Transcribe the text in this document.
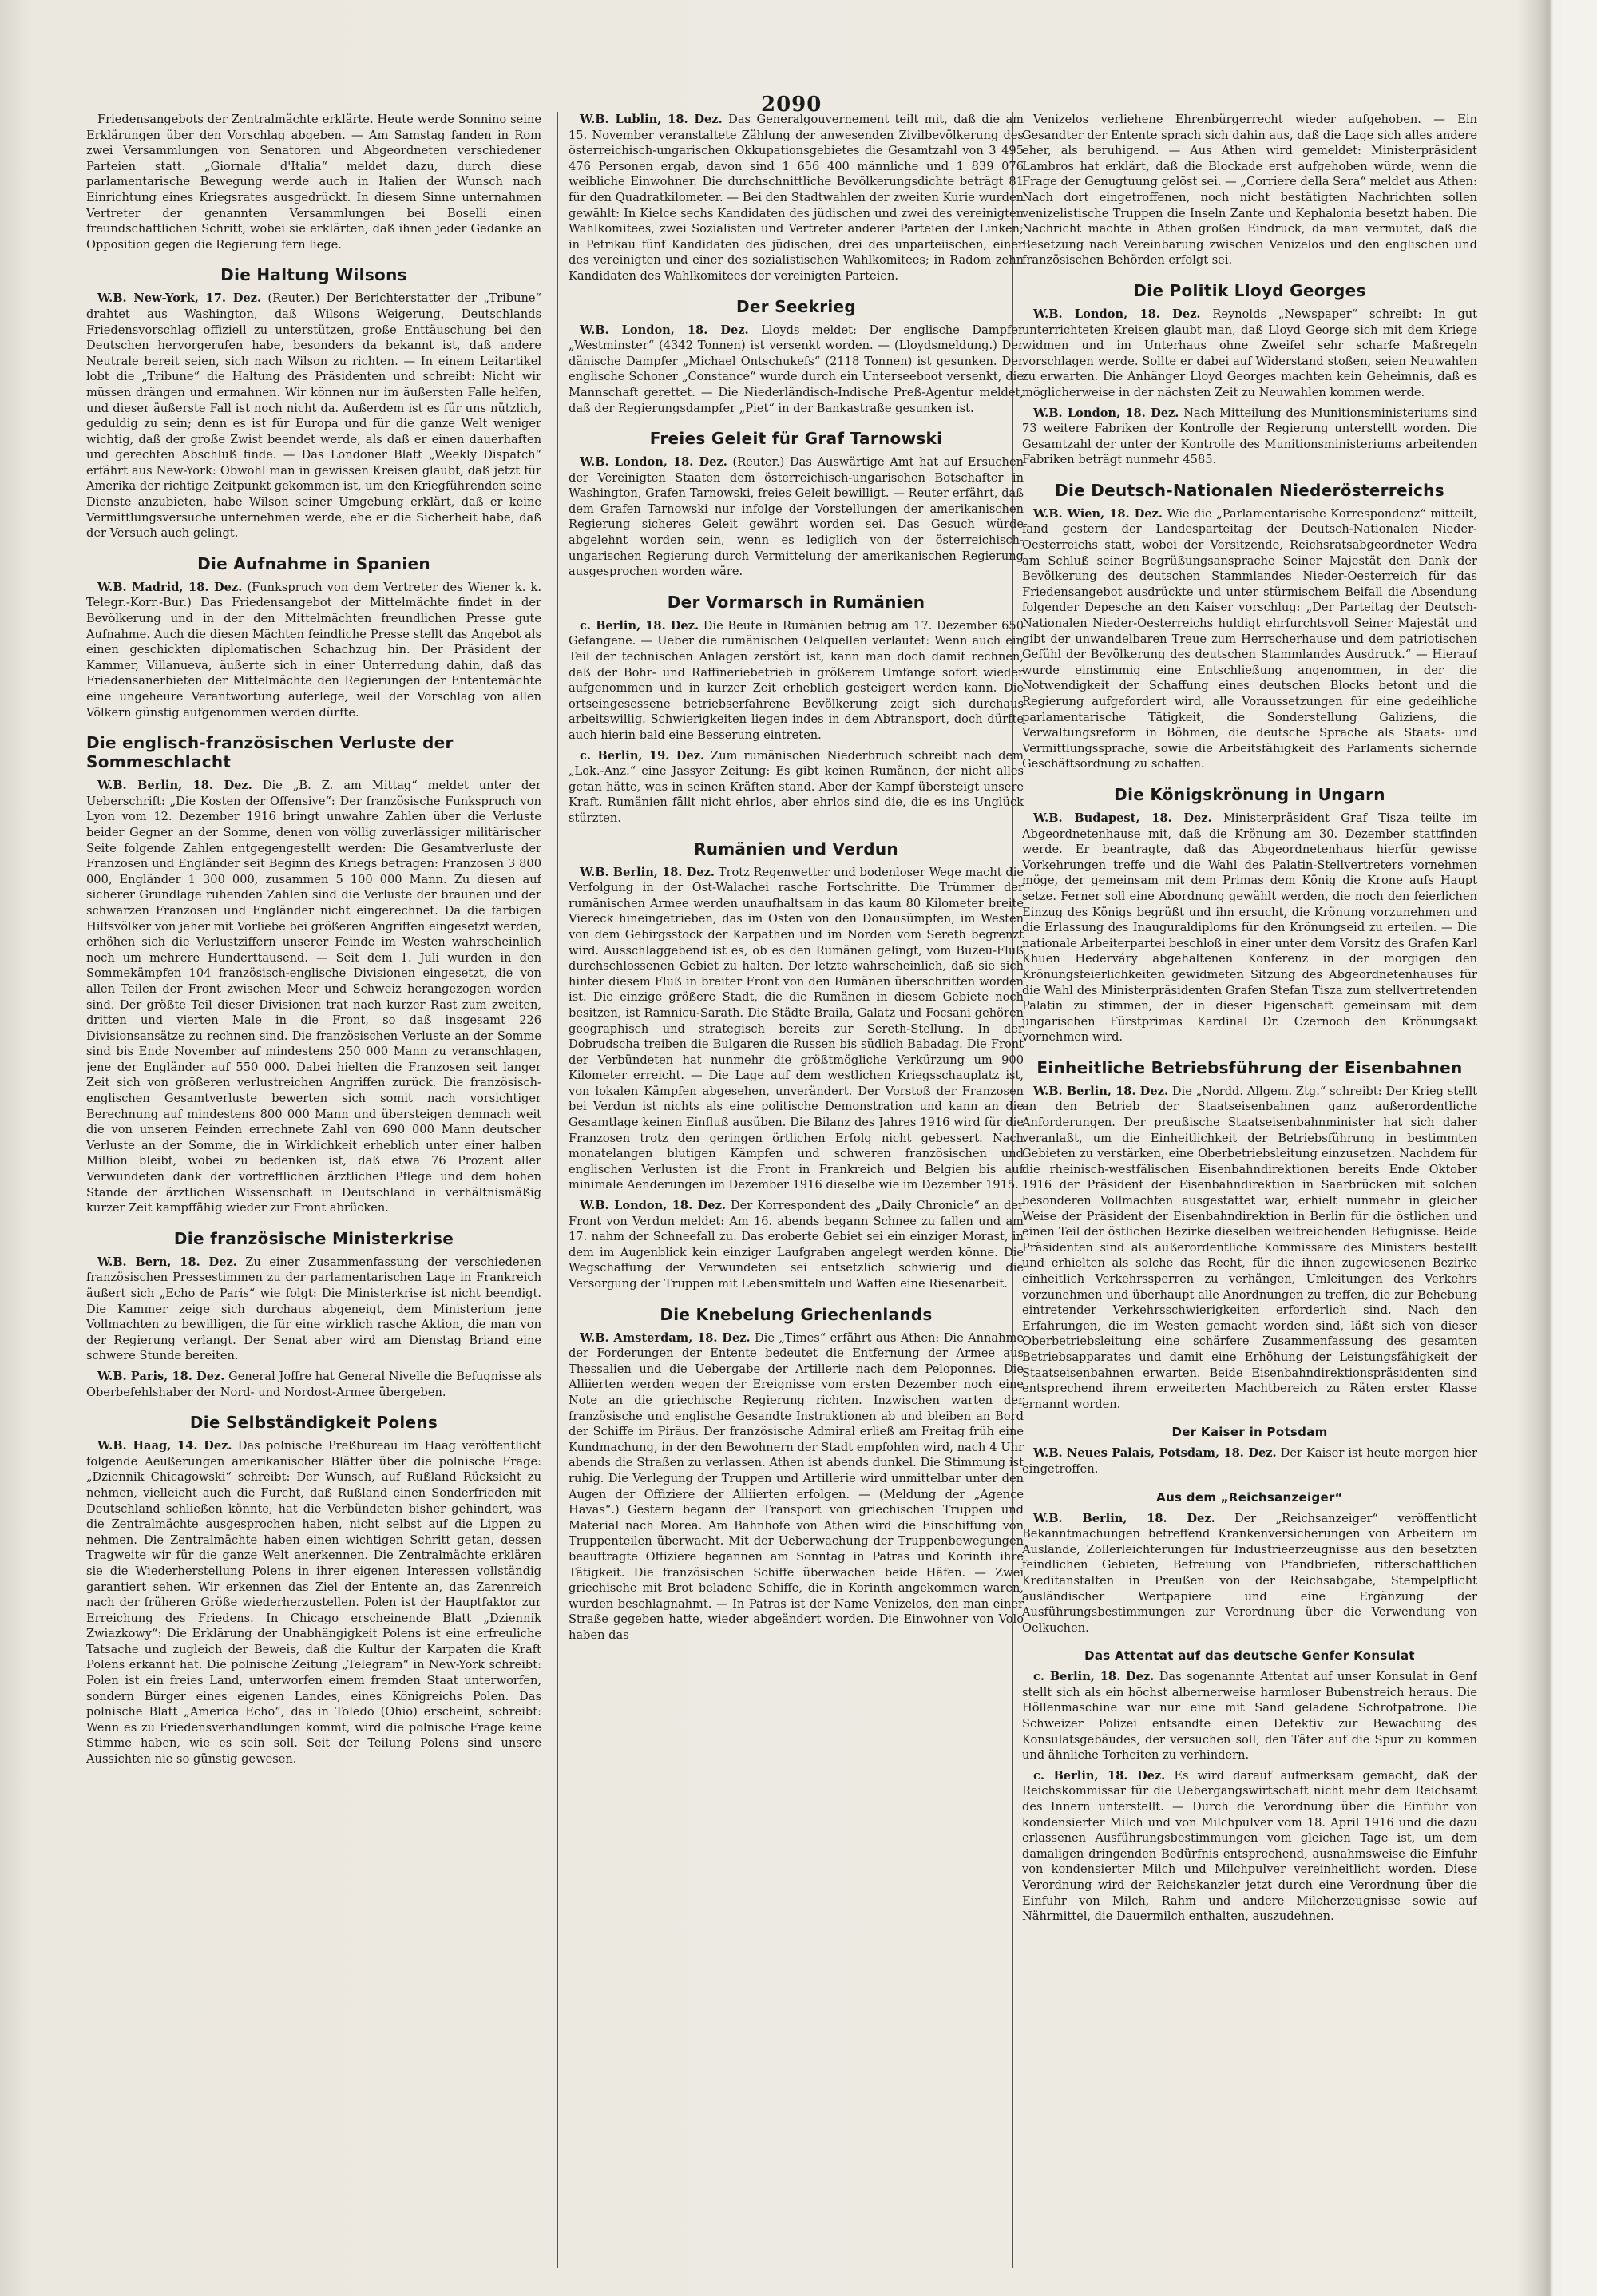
2090

Friedensangebots der Zentralmächte erklärte. Heute werde Sonnino seine Erklärungen über den Vorschlag abgeben. — Am Samstag fanden in Rom zwei Versammlungen von Senatoren und Abgeordneten verschiedener Parteien statt. „Giornale d'Italia“ meldet dazu, durch diese parlamentarische Bewegung werde auch in Italien der Wunsch nach Einrichtung eines Kriegsrates ausgedrückt. In diesem Sinne unternahmen Vertreter der genannten Versammlungen bei Boselli einen freundschaftlichen Schritt, wobei sie erklärten, daß ihnen jeder Gedanke an Opposition gegen die Regierung fern liege.

Die Haltung Wilsons

W.B. New-York, 17. Dez. (Reuter.) Der Berichterstatter der „Tribune“ drahtet aus Washington, daß Wilsons Weigerung, Deutschlands Friedensvorschlag offiziell zu unterstützen, große Enttäuschung bei den Deutschen hervorgerufen habe, besonders da bekannt ist, daß andere Neutrale bereit seien, sich nach Wilson zu richten. — In einem Leitartikel lobt die „Tribune“ die Haltung des Präsidenten und schreibt: Nicht wir müssen drängen und ermahnen. Wir können nur im äußersten Falle helfen, und dieser äußerste Fall ist noch nicht da. Außerdem ist es für uns nützlich, geduldig zu sein; denn es ist für Europa und für die ganze Welt weniger wichtig, daß der große Zwist beendet werde, als daß er einen dauerhaften und gerechten Abschluß finde. — Das Londoner Blatt „Weekly Dispatch“ erfährt aus New-York: Obwohl man in gewissen Kreisen glaubt, daß jetzt für Amerika der richtige Zeitpunkt gekommen ist, um den Kriegführenden seine Dienste anzubieten, habe Wilson seiner Umgebung erklärt, daß er keine Vermittlungsversuche unternehmen werde, ehe er die Sicherheit habe, daß der Versuch auch gelingt.

Die Aufnahme in Spanien

W.B. Madrid, 18. Dez. (Funkspruch von dem Vertreter des Wiener k. k. Telegr.-Korr.-Bur.) Das Friedensangebot der Mittelmächte findet in der Bevölkerung und in der den Mittelmächten freundlichen Presse gute Aufnahme. Auch die diesen Mächten feindliche Presse stellt das Angebot als einen geschickten diplomatischen Schachzug hin. Der Präsident der Kammer, Villanueva, äußerte sich in einer Unterredung dahin, daß das Friedensanerbieten der Mittelmächte den Regierungen der Ententemächte eine ungeheure Verantwortung auferlege, weil der Vorschlag von allen Völkern günstig aufgenommen werden dürfte.

Die englisch-französischen Verluste der Sommeschlacht

W.B. Berlin, 18. Dez. Die „B. Z. am Mittag“ meldet unter der Ueberschrift: „Die Kosten der Offensive“: Der französische Funkspruch von Lyon vom 12. Dezember 1916 bringt unwahre Zahlen über die Verluste beider Gegner an der Somme, denen von völlig zuverlässiger militärischer Seite folgende Zahlen entgegengestellt werden: Die Gesamtverluste der Franzosen und Engländer seit Beginn des Kriegs betragen: Franzosen 3 800 000, Engländer 1 300 000, zusammen 5 100 000 Mann. Zu diesen auf sicherer Grundlage ruhenden Zahlen sind die Verluste der braunen und der schwarzen Franzosen und Engländer nicht eingerechnet. Da die farbigen Hilfsvölker von jeher mit Vorliebe bei größeren Angriffen eingesetzt werden, erhöhen sich die Verlustziffern unserer Feinde im Westen wahrscheinlich noch um mehrere Hunderttausend. — Seit dem 1. Juli wurden in den Sommekämpfen 104 französisch-englische Divisionen eingesetzt, die von allen Teilen der Front zwischen Meer und Schweiz herangezogen worden sind. Der größte Teil dieser Divisionen trat nach kurzer Rast zum zweiten, dritten und vierten Male in die Front, so daß insgesamt 226 Divisionsansätze zu rechnen sind. Die französischen Verluste an der Somme sind bis Ende November auf mindestens 250 000 Mann zu veranschlagen, jene der Engländer auf 550 000. Dabei hielten die Franzosen seit langer Zeit sich von größeren verlustreichen Angriffen zurück. Die französisch-englischen Gesamtverluste bewerten sich somit nach vorsichtiger Berechnung auf mindestens 800 000 Mann und übersteigen demnach weit die von unseren Feinden errechnete Zahl von 690 000 Mann deutscher Verluste an der Somme, die in Wirklichkeit erheblich unter einer halben Million bleibt, wobei zu bedenken ist, daß etwa 76 Prozent aller Verwundeten dank der vortrefflichen ärztlichen Pflege und dem hohen Stande der ärztlichen Wissenschaft in Deutschland in verhältnismäßig kurzer Zeit kampffähig wieder zur Front abrücken.

Die französische Ministerkrise

W.B. Bern, 18. Dez. Zu einer Zusammenfassung der verschiedenen französischen Pressestimmen zu der parlamentarischen Lage in Frankreich äußert sich „Echo de Paris“ wie folgt: Die Ministerkrise ist nicht beendigt. Die Kammer zeige sich durchaus abgeneigt, dem Ministerium jene Vollmachten zu bewilligen, die für eine wirklich rasche Aktion, die man von der Regierung verlangt. Der Senat aber wird am Dienstag Briand eine schwere Stunde bereiten.

W.B. Paris, 18. Dez. General Joffre hat General Nivelle die Befugnisse als Oberbefehlshaber der Nord- und Nordost-Armee übergeben.

Die Selbständigkeit Polens

W.B. Haag, 14. Dez. Das polnische Preßbureau im Haag veröffentlicht folgende Aeußerungen amerikanischer Blätter über die polnische Frage: „Dziennik Chicagowski“ schreibt: Der Wunsch, auf Rußland Rücksicht zu nehmen, vielleicht auch die Furcht, daß Rußland einen Sonderfrieden mit Deutschland schließen könnte, hat die Verbündeten bisher gehindert, was die Zentralmächte ausgesprochen haben, nicht selbst auf die Lippen zu nehmen. Die Zentralmächte haben einen wichtigen Schritt getan, dessen Tragweite wir für die ganze Welt anerkennen. Die Zentralmächte erklären sie die Wiederherstellung Polens in ihrer eigenen Interessen vollständig garantiert sehen. Wir erkennen das Ziel der Entente an, das Zarenreich nach der früheren Größe wiederherzustellen. Polen ist der Hauptfaktor zur Erreichung des Friedens. In Chicago erscheinende Blatt „Dziennik Zwiazkowy“: Die Erklärung der Unabhängigkeit Polens ist eine erfreuliche Tatsache und zugleich der Beweis, daß die Kultur der Karpaten die Kraft Polens erkannt hat. Die polnische Zeitung „Telegram“ in New-York schreibt: Polen ist ein freies Land, unterworfen einem fremden Staat unterworfen, sondern Bürger eines eigenen Landes, eines Königreichs Polen. Das polnische Blatt „America Echo“, das in Toledo (Ohio) erscheint, schreibt: Wenn es zu Friedensverhandlungen kommt, wird die polnische Frage keine Stimme haben, wie es sein soll. Seit der Teilung Polens sind unsere Aussichten nie so günstig gewesen.

W.B. Lublin, 18. Dez. Das Generalgouvernement teilt mit, daß die am 15. November veranstaltete Zählung der anwesenden Zivilbevölkerung des österreichisch-ungarischen Okkupationsgebietes die Gesamtzahl von 3 495 476 Personen ergab, davon sind 1 656 400 männliche und 1 839 076 weibliche Einwohner. Die durchschnittliche Bevölkerungsdichte beträgt 81 für den Quadratkilometer. — Bei den Stadtwahlen der zweiten Kurie wurden gewählt: In Kielce sechs Kandidaten des jüdischen und zwei des vereinigten Wahlkomitees, zwei Sozialisten und Vertreter anderer Parteien der Linken; in Petrikau fünf Kandidaten des jüdischen, drei des unparteiischen, einer des vereinigten und einer des sozialistischen Wahlkomitees; in Radom zehn Kandidaten des Wahlkomitees der vereinigten Parteien.

Der Seekrieg

W.B. London, 18. Dez. Lloyds meldet: Der englische Dampfer „Westminster“ (4342 Tonnen) ist versenkt worden. — (Lloydsmeldung.) Der dänische Dampfer „Michael Ontschukefs“ (2118 Tonnen) ist gesunken. Der englische Schoner „Constance“ wurde durch ein Unterseeboot versenkt, die Mannschaft gerettet. — Die Niederländisch-Indische Preß-Agentur meldet, daß der Regierungsdampfer „Piet“ in der Bankastraße gesunken ist.

Freies Geleit für Graf Tarnowski

W.B. London, 18. Dez. (Reuter.) Das Auswärtige Amt hat auf Ersuchen der Vereinigten Staaten dem österreichisch-ungarischen Botschafter in Washington, Grafen Tarnowski, freies Geleit bewilligt. — Reuter erfährt, daß dem Grafen Tarnowski nur infolge der Vorstellungen der amerikanischen Regierung sicheres Geleit gewährt worden sei. Das Gesuch würde abgelehnt worden sein, wenn es lediglich von der österreichisch-ungarischen Regierung durch Vermittelung der amerikanischen Regierung ausgesprochen worden wäre.

Der Vormarsch in Rumänien

c. Berlin, 18. Dez. Die Beute in Rumänien betrug am 17. Dezember 650 Gefangene. — Ueber die rumänischen Oelquellen verlautet: Wenn auch ein Teil der technischen Anlagen zerstört ist, kann man doch damit rechnen, daß der Bohr- und Raffineriebetrieb in größerem Umfange sofort wieder aufgenommen und in kurzer Zeit erheblich gesteigert werden kann. Die ortseingesessene betriebserfahrene Bevölkerung zeigt sich durchaus arbeitswillig. Schwierigkeiten liegen indes in dem Abtransport, doch dürfte auch hierin bald eine Besserung eintreten.

c. Berlin, 19. Dez. Zum rumänischen Niederbruch schreibt nach dem „Lok.-Anz.“ eine Jassyer Zeitung: Es gibt keinen Rumänen, der nicht alles getan hätte, was in seinen Kräften stand. Aber der Kampf übersteigt unsere Kraft. Rumänien fällt nicht ehrlos, aber ehrlos sind die, die es ins Unglück stürzten.

Rumänien und Verdun

W.B. Berlin, 18. Dez. Trotz Regenwetter und bodenloser Wege macht die Verfolgung in der Ost-Walachei rasche Fortschritte. Die Trümmer der rumänischen Armee werden unaufhaltsam in das kaum 80 Kilometer breite Viereck hineingetrieben, das im Osten von den Donausümpfen, im Westen von dem Gebirgsstock der Karpathen und im Norden vom Sereth begrenzt wird. Ausschlaggebend ist es, ob es den Rumänen gelingt, vom Buzeu-Fluß durchschlossenen Gebiet zu halten. Der letzte wahrscheinlich, daß sie sich hinter diesem Fluß in breiter Front von den Rumänen überschritten worden ist. Die einzige größere Stadt, die die Rumänen in diesem Gebiete noch besitzen, ist Ramnicu-Sarath. Die Städte Braila, Galatz und Focsani gehören geographisch und strategisch bereits zur Sereth-Stellung. In der Dobrudscha treiben die Bulgaren die Russen bis südlich Babadag. Die Front der Verbündeten hat nunmehr die größtmögliche Verkürzung um 900 Kilometer erreicht. — Die Lage auf dem westlichen Kriegsschauplatz ist, von lokalen Kämpfen abgesehen, unverändert. Der Vorstoß der Franzosen bei Verdun ist nichts als eine politische Demonstration und kann an die Gesamtlage keinen Einfluß ausüben. Die Bilanz des Jahres 1916 wird für die Franzosen trotz den geringen örtlichen Erfolg nicht gebessert. Nach monatelangen blutigen Kämpfen und schweren französischen und englischen Verlusten ist die Front in Frankreich und Belgien bis auf minimale Aenderungen im Dezember 1916 dieselbe wie im Dezember 1915.

W.B. London, 18. Dez. Der Korrespondent des „Daily Chronicle“ an der Front von Verdun meldet: Am 16. abends begann Schnee zu fallen und am 17. nahm der Schneefall zu. Das eroberte Gebiet sei ein einziger Morast, in dem im Augenblick kein einziger Laufgraben angelegt werden könne. Die Wegschaffung der Verwundeten sei entsetzlich schwierig und die Versorgung der Truppen mit Lebensmitteln und Waffen eine Riesenarbeit.

Die Knebelung Griechenlands

W.B. Amsterdam, 18. Dez. Die „Times“ erfährt aus Athen: Die Annahme der Forderungen der Entente bedeutet die Entfernung der Armee aus Thessalien und die Uebergabe der Artillerie nach dem Peloponnes. Die Alliierten werden wegen der Ereignisse vom ersten Dezember noch eine Note an die griechische Regierung richten. Inzwischen warten der französische und englische Gesandte Instruktionen ab und bleiben an Bord der Schiffe im Piräus. Der französische Admiral erließ am Freitag früh eine Kundmachung, in der den Bewohnern der Stadt empfohlen wird, nach 4 Uhr abends die Straßen zu verlassen. Athen ist abends dunkel. Die Stimmung ist ruhig. Die Verlegung der Truppen und Artillerie wird unmittelbar unter den Augen der Offiziere der Alliierten erfolgen. — (Meldung der „Agence Havas“.) Gestern begann der Transport von griechischen Truppen und Material nach Morea. Am Bahnhofe von Athen wird die Einschiffung von Truppenteilen überwacht. Mit der Ueberwachung der Truppenbewegungen beauftragte Offiziere begannen am Sonntag in Patras und Korinth ihre Tätigkeit. Die französischen Schiffe überwachen beide Häfen. — Zwei griechische mit Brot beladene Schiffe, die in Korinth angekommen waren, wurden beschlagnahmt. — In Patras ist der Name Venizelos, den man einer Straße gegeben hatte, wieder abgeändert worden. Die Einwohner von Volo haben das

Venizelos verliehene Ehrenbürgerrecht wieder aufgehoben. — Ein Gesandter der Entente sprach sich dahin aus, daß die Lage sich alles andere eher, als beruhigend. — Aus Athen wird gemeldet: Ministerpräsident Lambros hat erklärt, daß die Blockade erst aufgehoben würde, wenn die Frage der Genugtuung gelöst sei. — „Corriere della Sera“ meldet aus Athen: Nach dort eingetroffenen, noch nicht bestätigten Nachrichten sollen venizelistische Truppen die Inseln Zante und Kephalonia besetzt haben. Die Nachricht machte in Athen großen Eindruck, da man vermutet, daß die Besetzung nach Vereinbarung zwischen Venizelos und den englischen und französischen Behörden erfolgt sei.

Die Politik Lloyd Georges

W.B. London, 18. Dez. Reynolds „Newspaper“ schreibt: In gut unterrichteten Kreisen glaubt man, daß Lloyd George sich mit dem Kriege widmen und im Unterhaus ohne Zweifel sehr scharfe Maßregeln vorschlagen werde. Sollte er dabei auf Widerstand stoßen, seien Neuwahlen zu erwarten. Die Anhänger Lloyd Georges machten kein Geheimnis, daß es möglicherweise in der nächsten Zeit zu Neuwahlen kommen werde.

W.B. London, 18. Dez. Nach Mitteilung des Munitionsministeriums sind 73 weitere Fabriken der Kontrolle der Regierung unterstellt worden. Die Gesamtzahl der unter der Kontrolle des Munitionsministeriums arbeitenden Fabriken beträgt nunmehr 4585.

Die Deutsch-Nationalen Niederösterreichs

W.B. Wien, 18. Dez. Wie die „Parlamentarische Korrespondenz“ mitteilt, fand gestern der Landesparteitag der Deutsch-Nationalen Nieder-Oesterreichs statt, wobei der Vorsitzende, Reichsratsabgeordneter Wedra am Schluß seiner Begrüßungsansprache Seiner Majestät den Dank der Bevölkerung des deutschen Stammlandes Nieder-Oesterreich für das Friedensangebot ausdrückte und unter stürmischem Beifall die Absendung folgender Depesche an den Kaiser vorschlug: „Der Parteitag der Deutsch-Nationalen Nieder-Oesterreichs huldigt ehrfurchtsvoll Seiner Majestät und gibt der unwandelbaren Treue zum Herrscherhause und dem patriotischen Gefühl der Bevölkerung des deutschen Stammlandes Ausdruck.“ — Hierauf wurde einstimmig eine Entschließung angenommen, in der die Notwendigkeit der Schaffung eines deutschen Blocks betont und die Regierung aufgefordert wird, alle Voraussetzungen für eine gedeihliche parlamentarische Tätigkeit, die Sonderstellung Galiziens, die Verwaltungsreform in Böhmen, die deutsche Sprache als Staats- und Vermittlungssprache, sowie die Arbeitsfähigkeit des Parlaments sichernde Geschäftsordnung zu schaffen.

Die Königskrönung in Ungarn

W.B. Budapest, 18. Dez. Ministerpräsident Graf Tisza teilte im Abgeordnetenhause mit, daß die Krönung am 30. Dezember stattfinden werde. Er beantragte, daß das Abgeordnetenhaus hierfür gewisse Vorkehrungen treffe und die Wahl des Palatin-Stellvertreters vornehmen möge, der gemeinsam mit dem Primas dem König die Krone aufs Haupt setze. Ferner soll eine Abordnung gewählt werden, die noch den feierlichen Einzug des Königs begrüßt und ihn ersucht, die Krönung vorzunehmen und die Erlassung des Inauguraldiploms für den Krönungseid zu erteilen. — Die nationale Arbeiterpartei beschloß in einer unter dem Vorsitz des Grafen Karl Khuen Hederváry abgehaltenen Konferenz in der morgigen den Krönungsfeierlichkeiten gewidmeten Sitzung des Abgeordnetenhauses für die Wahl des Ministerpräsidenten Grafen Stefan Tisza zum stellvertretenden Palatin zu stimmen, der in dieser Eigenschaft gemeinsam mit dem ungarischen Fürstprimas Kardinal Dr. Czernoch den Krönungsakt vornehmen wird.

Einheitliche Betriebsführung der Eisenbahnen

W.B. Berlin, 18. Dez. Die „Nordd. Allgem. Ztg.“ schreibt: Der Krieg stellt an den Betrieb der Staatseisenbahnen ganz außerordentliche Anforderungen. Der preußische Staatseisenbahnminister hat sich daher veranlaßt, um die Einheitlichkeit der Betriebsführung in bestimmten Gebieten zu verstärken, eine Oberbetriebsleitung einzusetzen. Nachdem für die rheinisch-westfälischen Eisenbahndirektionen bereits Ende Oktober 1916 der Präsident der Eisenbahndirektion in Saarbrücken mit solchen besonderen Vollmachten ausgestattet war, erhielt nunmehr in gleicher Weise der Präsident der Eisenbahndirektion in Berlin für die östlichen und einen Teil der östlichen Bezirke dieselben weitreichenden Befugnisse. Beide Präsidenten sind als außerordentliche Kommissare des Ministers bestellt und erhielten als solche das Recht, für die ihnen zugewiesenen Bezirke einheitlich Verkehrssperren zu verhängen, Umleitungen des Verkehrs vorzunehmen und überhaupt alle Anordnungen zu treffen, die zur Behebung eintretender Verkehrsschwierigkeiten erforderlich sind. Nach den Erfahrungen, die im Westen gemacht worden sind, läßt sich von dieser Oberbetriebsleitung eine schärfere Zusammenfassung des gesamten Betriebsapparates und damit eine Erhöhung der Leistungsfähigkeit der Staatseisenbahnen erwarten. Beide Eisenbahndirektionspräsidenten sind entsprechend ihrem erweiterten Machtbereich zu Räten erster Klasse ernannt worden.

Der Kaiser in Potsdam

W.B. Neues Palais, Potsdam, 18. Dez. Der Kaiser ist heute morgen hier eingetroffen.

Aus dem „Reichsanzeiger“

W.B. Berlin, 18. Dez. Der „Reichsanzeiger“ veröffentlicht Bekanntmachungen betreffend Krankenversicherungen von Arbeitern im Auslande, Zollerleichterungen für Industrieerzeugnisse aus den besetzten feindlichen Gebieten, Befreiung von Pfandbriefen, ritterschaftlichen Kreditanstalten in Preußen von der Reichsabgabe, Stempelpflicht ausländischer Wertpapiere und eine Ergänzung der Ausführungsbestimmungen zur Verordnung über die Verwendung von Oelkuchen.

Das Attentat auf das deutsche Genfer Konsulat

c. Berlin, 18. Dez. Das sogenannte Attentat auf unser Konsulat in Genf stellt sich als ein höchst albernerweise harmloser Bubenstreich heraus. Die Höllenmaschine war nur eine mit Sand geladene Schrotpatrone. Die Schweizer Polizei entsandte einen Detektiv zur Bewachung des Konsulatsgebäudes, der versuchen soll, den Täter auf die Spur zu kommen und ähnliche Torheiten zu verhindern.

c. Berlin, 18. Dez. Es wird darauf aufmerksam gemacht, daß der Reichskommissar für die Uebergangswirtschaft nicht mehr dem Reichsamt des Innern unterstellt. — Durch die Verordnung über die Einfuhr von kondensierter Milch und von Milchpulver vom 18. April 1916 und die dazu erlassenen Ausführungsbestimmungen vom gleichen Tage ist, um dem damaligen dringenden Bedürfnis entsprechend, ausnahmsweise die Einfuhr von kondensierter Milch und Milchpulver vereinheitlicht worden. Diese Verordnung wird der Reichskanzler jetzt durch eine Verordnung über die Einfuhr von Milch, Rahm und andere Milcherzeugnisse sowie auf Nährmittel, die Dauermilch enthalten, auszudehnen.
